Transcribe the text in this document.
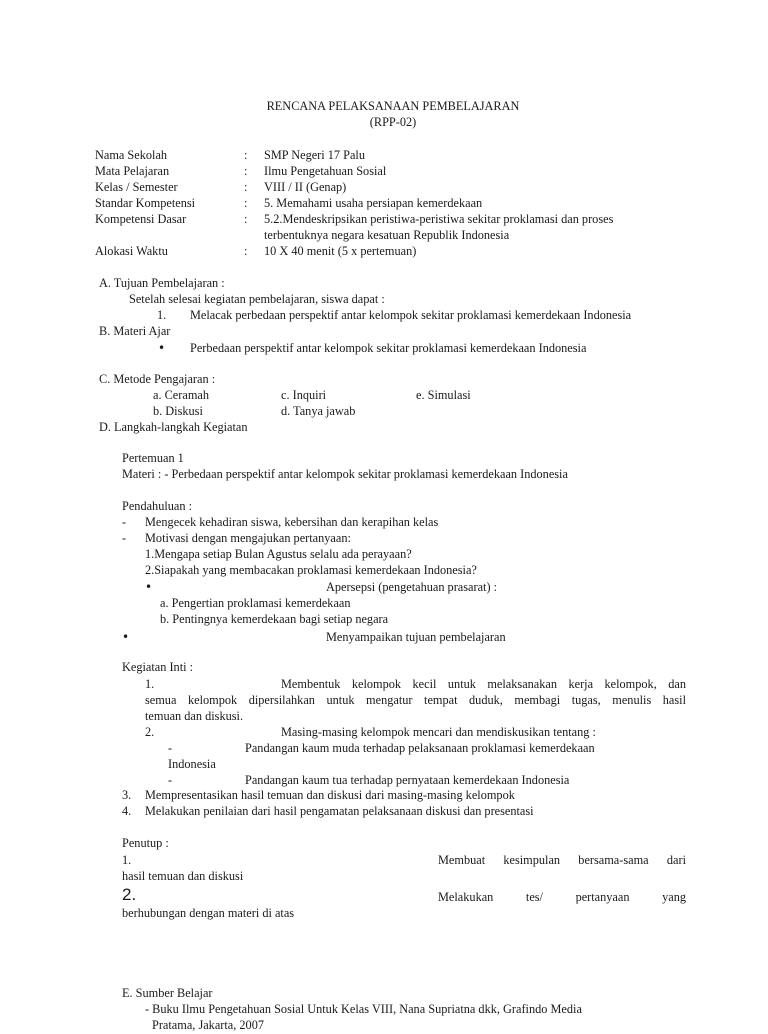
RENCANA PELAKSANAAN PEMBELAJARAN
(RPP-02)
Nama Sekolah	: SMP Negeri 17 Palu
Mata Pelajaran	: Ilmu Pengetahuan Sosial
Kelas / Semester	: VIII / II (Genap)
Standar Kompetensi	: 5. Memahami usaha persiapan kemerdekaan
Kompetensi Dasar	: 5.2.Mendeskripsikan peristiwa-peristiwa sekitar proklamasi dan proses
terbentuknya negara kesatuan Republik Indonesia
Alokasi Waktu	: 10 X 40 menit (5 x pertemuan)
A. Tujuan Pembelajaran :
Setelah selesai kegiatan pembelajaran, siswa dapat :
1. Melacak perbedaan perspektif antar kelompok sekitar proklamasi kemerdekaan Indonesia
B. Materi Ajar
• Perbedaan perspektif antar kelompok sekitar proklamasi kemerdekaan Indonesia
C. Metode Pengajaran :
a. Ceramah	c. Inquiri	e. Simulasi
b. Diskusi	d. Tanya jawab
D. Langkah-langkah Kegiatan
Pertemuan 1
Materi : - Perbedaan perspektif antar kelompok sekitar proklamasi kemerdekaan Indonesia
Pendahuluan :
- Mengecek kehadiran siswa, kebersihan dan kerapihan kelas
- Motivasi dengan mengajukan pertanyaan:
1.Mengapa setiap Bulan Agustus selalu ada perayaan?
2.Siapakah yang membacakan proklamasi kemerdekaan Indonesia?
•	Apersepsi (pengetahuan prasarat) :
a. Pengertian proklamasi kemerdekaan
b. Pentingnya kemerdekaan bagi setiap negara
•	Menyampaikan tujuan pembelajaran
Kegiatan Inti :
1.	Membentuk kelompok kecil untuk melaksanakan kerja kelompok, dan
semua kelompok dipersilahkan untuk mengatur tempat duduk, membagi tugas, menulis hasil
temuan dan diskusi.
2.	Masing-masing kelompok mencari dan mendiskusikan tentang :
-	Pandangan kaum muda terhadap pelaksanaan proklamasi kemerdekaan
Indonesia
-	Pandangan kaum tua terhadap pernyataan kemerdekaan Indonesia
3. Mempresentasikan hasil temuan dan diskusi dari masing-masing kelompok
4. Melakukan penilaian dari hasil pengamatan pelaksanaan diskusi dan presentasi
Penutup :
1.	Membuat kesimpulan bersama-sama dari
hasil temuan dan diskusi
2.	Melakukan tes/ pertanyaan yang
berhubungan dengan materi di atas
E. Sumber Belajar
- Buku Ilmu Pengetahuan Sosial Untuk Kelas VIII, Nana Supriatna dkk, Grafindo Media
Pratama, Jakarta, 2007
